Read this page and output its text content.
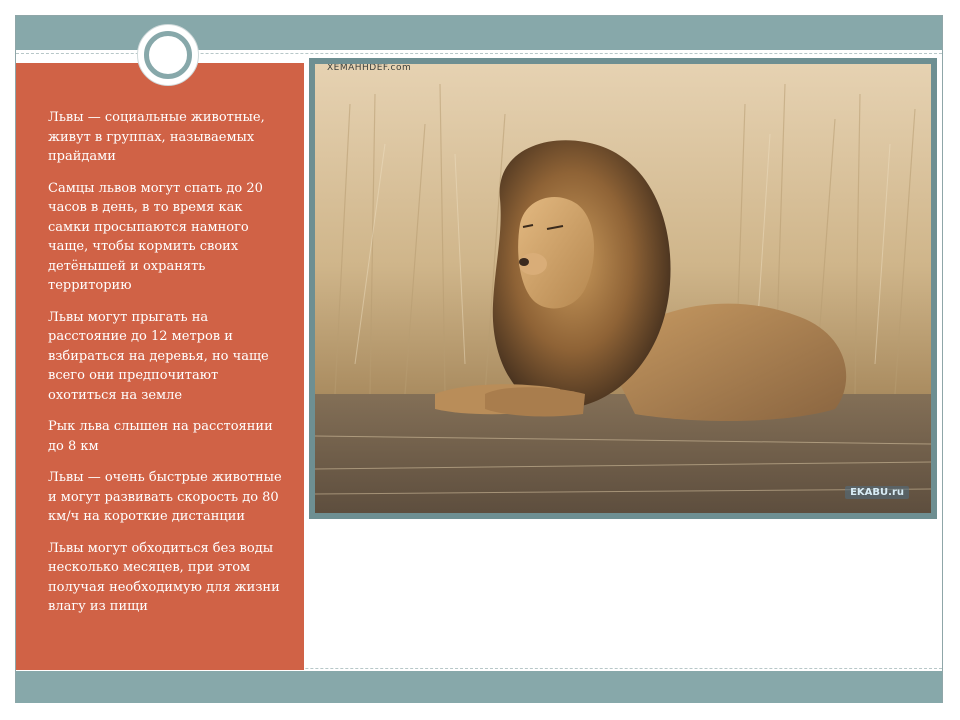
Львы — социальные животные, живут в группах, называемых прайдами

Самцы львов могут спать до 20 часов в день, в то время как самки просыпаются намного чаще, чтобы кормить своих детёнышей и охранять территорию

Львы могут прыгать на расстояние до 12 метров и взбираться на деревья, но чаще всего они предпочитают охотиться на земле

Рык льва слышен на расстоянии до 8 км

Львы — очень быстрые животные и могут развивать скорость до 80 км/ч на короткие дистанции

Львы могут обходиться без воды несколько месяцев, при этом получая необходимую для жизни влагу из пищи

XEMAHHDEF.com
EKABU.ru
